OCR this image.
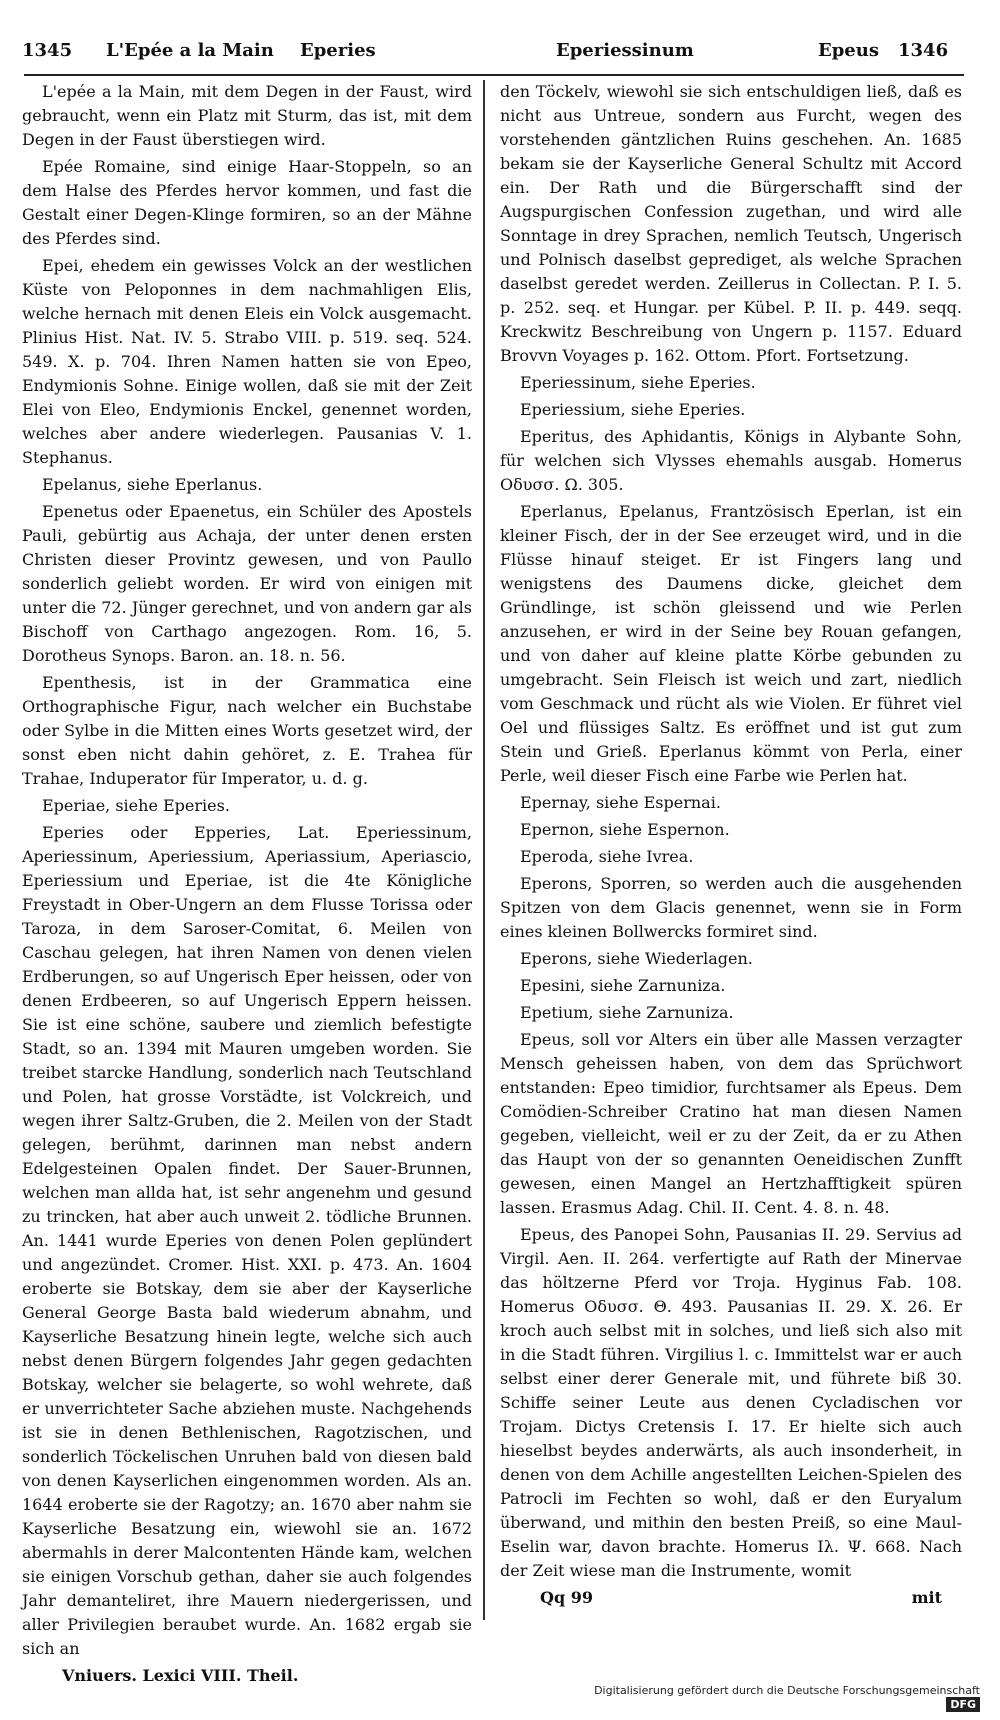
1345 L'Epée a la Main Eperies	Eperiessinum	Epeus 1346

L'epée a la Main, mit dem Degen in der Faust, wird gebraucht, wenn ein Platz mit Sturm, das ist, mit dem Degen in der Faust überstiegen wird.

Epée Romaine, sind einige Haar-Stoppeln, so an dem Halse des Pferdes hervor kommen, und fast die Gestalt einer Degen-Klinge formiren, so an der Mähne des Pferdes sind.

Epei, ehedem ein gewisses Volck an der westlichen Küste von Peloponnes in dem nachmahligen Elis, welche hernach mit denen Eleis ein Volck ausgemacht. Plinius Hist. Nat. IV. 5. Strabo VIII. p. 519. seq. 524. 549. X. p. 704. Ihren Namen hatten sie von Epeo, Endymionis Sohne. Einige wollen, daß sie mit der Zeit Elei von Eleo, Endymionis Enckel, genennet worden, welches aber andere wiederlegen. Pausanias V. 1. Stephanus.

Epelanus, siehe Eperlanus.

Epenetus oder Epaenetus, ein Schüler des Apostels Pauli, gebürtig aus Achaja, der unter denen ersten Christen dieser Provintz gewesen, und von Paullo sonderlich geliebt worden. Er wird von einigen mit unter die 72. Jünger gerechnet, und von andern gar als Bischoff von Carthago angezogen. Rom. 16, 5. Dorotheus Synops. Baron. an. 18. n. 56.

Epenthesis, ist in der Grammatica eine Orthographische Figur, nach welcher ein Buchstabe oder Sylbe in die Mitten eines Worts gesetzet wird, der sonst eben nicht dahin gehöret, z. E. Trahea für Trahae, Induperator für Imperator, u. d. g.

Eperiae, siehe Eperies.

Eperies oder Epperies, Lat. Eperiessinum, Aperiessinum, Aperiessium, Aperiassium, Aperiascio, Eperiessium und Eperiae, ist die 4te Königliche Freystadt in Ober-Ungern an dem Flusse Torissa oder Taroza, in dem Saroser-Comitat, 6. Meilen von Caschau gelegen, hat ihren Namen von denen vielen Erdberungen, so auf Ungerisch Eper heissen, oder von denen Erdbeeren, so auf Ungerisch Eppern heissen. Sie ist eine schöne, saubere und ziemlich befestigte Stadt, so an. 1394 mit Mauren umgeben worden. Sie treibet starcke Handlung, sonderlich nach Teutschland und Polen, hat grosse Vorstädte, ist Volckreich, und wegen ihrer Saltz-Gruben, die 2. Meilen von der Stadt gelegen, berühmt, darinnen man nebst andern Edelgesteinen Opalen findet. Der Sauer-Brunnen, welchen man allda hat, ist sehr angenehm und gesund zu trincken, hat aber auch unweit 2. tödliche Brunnen. An. 1441 wurde Eperies von denen Polen geplündert und angezündet. Cromer. Hist. XXI. p. 473. An. 1604 eroberte sie Botskay, dem sie aber der Kayserliche General George Basta bald wiederum abnahm, und Kayserliche Besatzung hinein legte, welche sich auch nebst denen Bürgern folgendes Jahr gegen gedachten Botskay, welcher sie belagerte, so wohl wehrete, daß er unverrichteter Sache abziehen muste. Nachgehends ist sie in denen Bethlenischen, Ragotzischen, und sonderlich Töckelischen Unruhen bald von diesen bald von denen Kayserlichen eingenommen worden. Als an. 1644 eroberte sie der Ragotzy; an. 1670 aber nahm sie Kayserliche Besatzung ein, wiewohl sie an. 1672 abermahls in derer Malcontenten Hände kam, welchen sie einigen Vorschub gethan, daher sie auch folgendes Jahr demanteliret, ihre Mauern niedergerissen, und aller Privilegien beraubet wurde. An. 1682 ergab sie sich an

Vniuers. Lexici VIII. Theil.

den Töckelv, wiewohl sie sich entschuldigen ließ, daß es nicht aus Untreue, sondern aus Furcht, wegen des vorstehenden gäntzlichen Ruins geschehen. An. 1685 bekam sie der Kayserliche General Schultz mit Accord ein. Der Rath und die Bürgerschafft sind der Augspurgischen Confession zugethan, und wird alle Sonntage in drey Sprachen, nemlich Teutsch, Ungerisch und Polnisch daselbst geprediget, als welche Sprachen daselbst geredet werden. Zeillerus in Collectan. P. I. 5. p. 252. seq. et Hungar. per Kübel. P. II. p. 449. seqq. Kreckwitz Beschreibung von Ungern p. 1157. Eduard Brovvn Voyages p. 162. Ottom. Pfort. Fortsetzung.

Eperiessinum, siehe Eperies.

Eperiessium, siehe Eperies.

Eperitus, des Aphidantis, Königs in Alybante Sohn, für welchen sich Vlysses ehemahls ausgab. Homerus Οδυσσ. Ω. 305.

Eperlanus, Epelanus, Frantzösisch Eperlan, ist ein kleiner Fisch, der in der See erzeuget wird, und in die Flüsse hinauf steiget. Er ist Fingers lang und wenigstens des Daumens dicke, gleichet dem Gründlinge, ist schön gleissend und wie Perlen anzusehen, er wird in der Seine bey Rouan gefangen, und von daher auf kleine platte Körbe gebunden zu umgebracht. Sein Fleisch ist weich und zart, niedlich vom Geschmack und rücht als wie Violen. Er führet viel Oel und flüssiges Saltz. Es eröffnet und ist gut zum Stein und Grieß. Eperlanus kömmt von Perla, einer Perle, weil dieser Fisch eine Farbe wie Perlen hat.

Epernay, siehe Espernai.

Epernon, siehe Espernon.

Eperoda, siehe Ivrea.

Eperons, Sporren, so werden auch die ausgehenden Spitzen von dem Glacis genennet, wenn sie in Form eines kleinen Bollwercks formiret sind.

Eperons, siehe Wiederlagen.

Epesini, siehe Zarnuniza.

Epetium, siehe Zarnuniza.

Epeus, soll vor Alters ein über alle Massen verzagter Mensch geheissen haben, von dem das Sprüchwort entstanden: Epeo timidior, furchtsamer als Epeus. Dem Comödien-Schreiber Cratino hat man diesen Namen gegeben, vielleicht, weil er zu der Zeit, da er zu Athen das Haupt von der so genannten Oeneidischen Zunfft gewesen, einen Mangel an Hertzhafftigkeit spüren lassen. Erasmus Adag. Chil. II. Cent. 4. 8. n. 48.

Epeus, des Panopei Sohn, Pausanias II. 29. Servius ad Virgil. Aen. II. 264. verfertigte auf Rath der Minervae das höltzerne Pferd vor Troja. Hyginus Fab. 108. Homerus Οδυσσ. Θ. 493. Pausanias II. 29. X. 26. Er kroch auch selbst mit in solches, und ließ sich also mit in die Stadt führen. Virgilius l. c. Immittelst war er auch selbst einer derer Generale mit, und führete biß 30. Schiffe seiner Leute aus denen Cycladischen vor Trojam. Dictys Cretensis I. 17. Er hielte sich auch hieselbst beydes anderwärts, als auch insonderheit, in denen von dem Achille angestellten Leichen-Spielen des Patrocli im Fechten so wohl, daß er den Euryalum überwand, und mithin den besten Preiß, so eine Maul-Eselin war, davon brachte. Homerus Iλ. Ψ. 668. Nach der Zeit wiese man die Instrumente, womit

Qq 99	mit

Digitalisierung gefördert durch die Deutsche Forschungsgemeinschaft DFG
